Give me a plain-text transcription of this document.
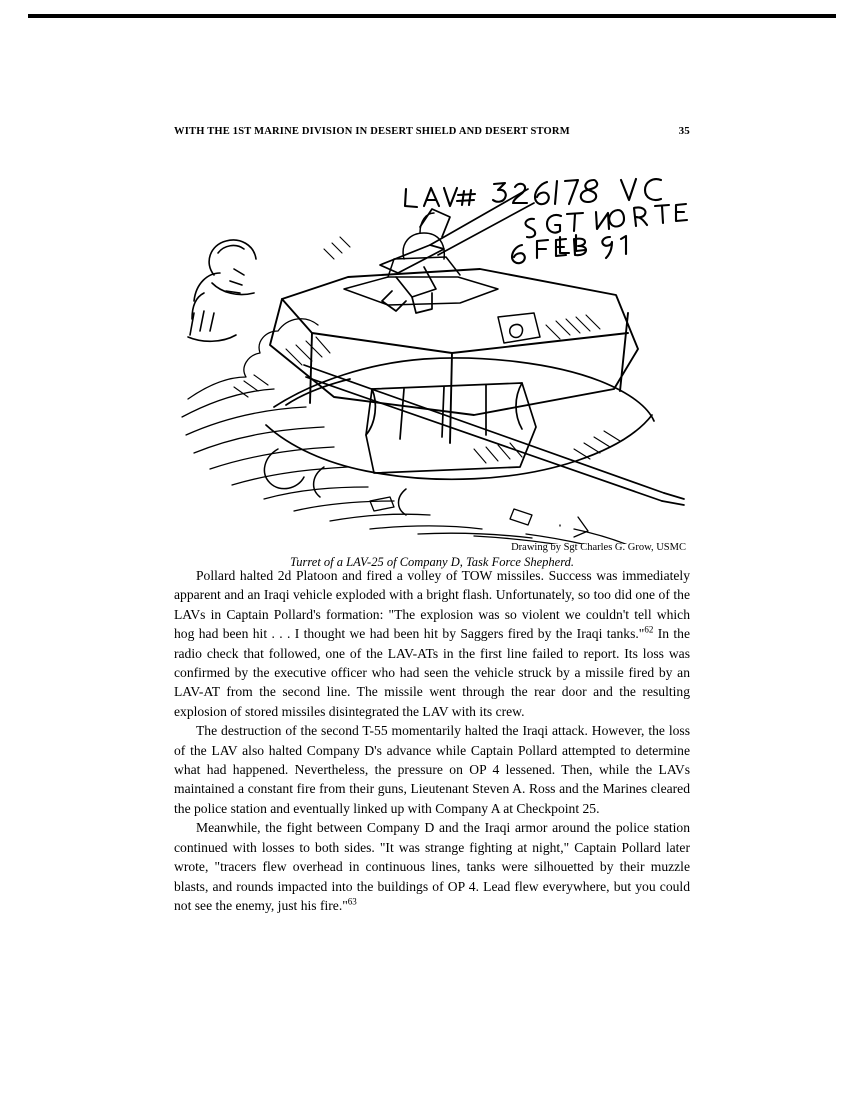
WITH THE 1ST MARINE DIVISION IN DESERT SHIELD AND DESERT STORM	35
Drawing by Sgt Charles G. Grow, USMC
Turret of a LAV-25 of Company D, Task Force Shepherd.

Pollard halted 2d Platoon and fired a volley of TOW missiles. Success was immediately apparent and an Iraqi vehicle exploded with a bright flash. Unfortunately, so too did one of the LAVs in Captain Pollard's formation: "The explosion was so violent we couldn't tell which hog had been hit . . . I thought we had been hit by Saggers fired by the Iraqi tanks."$^{62}$ In the radio check that followed, one of the LAV-ATs in the first line failed to report. Its loss was confirmed by the executive officer who had seen the vehicle struck by a missile fired by an LAV-AT from the second line. The missile went through the rear door and the resulting explosion of stored missiles disintegrated the LAV with its crew.

The destruction of the second T-55 momentarily halted the Iraqi attack. However, the loss of the LAV also halted Company D's advance while Captain Pollard attempted to determine what had happened. Nevertheless, the pressure on OP 4 lessened. Then, while the LAVs maintained a constant fire from their guns, Lieutenant Steven A. Ross and the Marines cleared the police station and eventually linked up with Company A at Checkpoint 25.

Meanwhile, the fight between Company D and the Iraqi armor around the police station continued with losses to both sides. "It was strange fighting at night," Captain Pollard later wrote, "tracers flew overhead in continuous lines, tanks were silhouetted by their muzzle blasts, and rounds impacted into the buildings of OP 4. Lead flew everywhere, but you could not see the enemy, just his fire."$^{63}$
